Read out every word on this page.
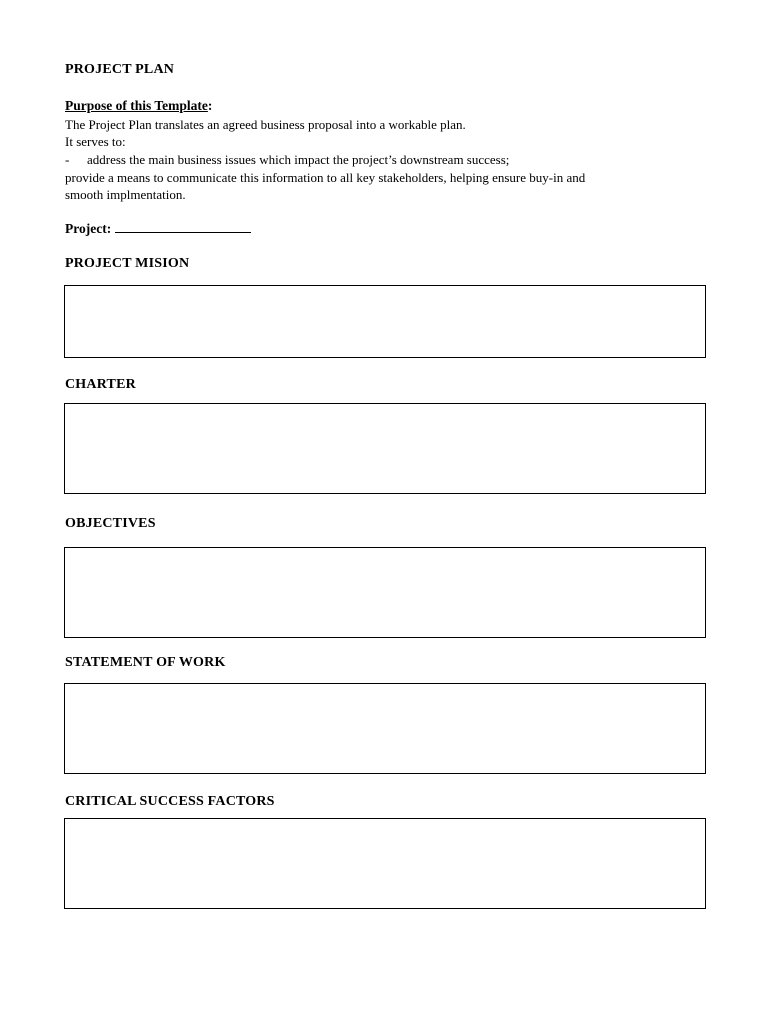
PROJECT PLAN
Purpose of this Template:
The Project Plan translates an agreed business proposal into a workable plan.
It serves to:
- address the main business issues which impact the project’s downstream success;
provide a means to communicate this information to all key stakeholders, helping ensure buy-in and
smooth implmentation.
Project:
PROJECT MISION
CHARTER
OBJECTIVES
STATEMENT OF WORK
CRITICAL SUCCESS FACTORS
